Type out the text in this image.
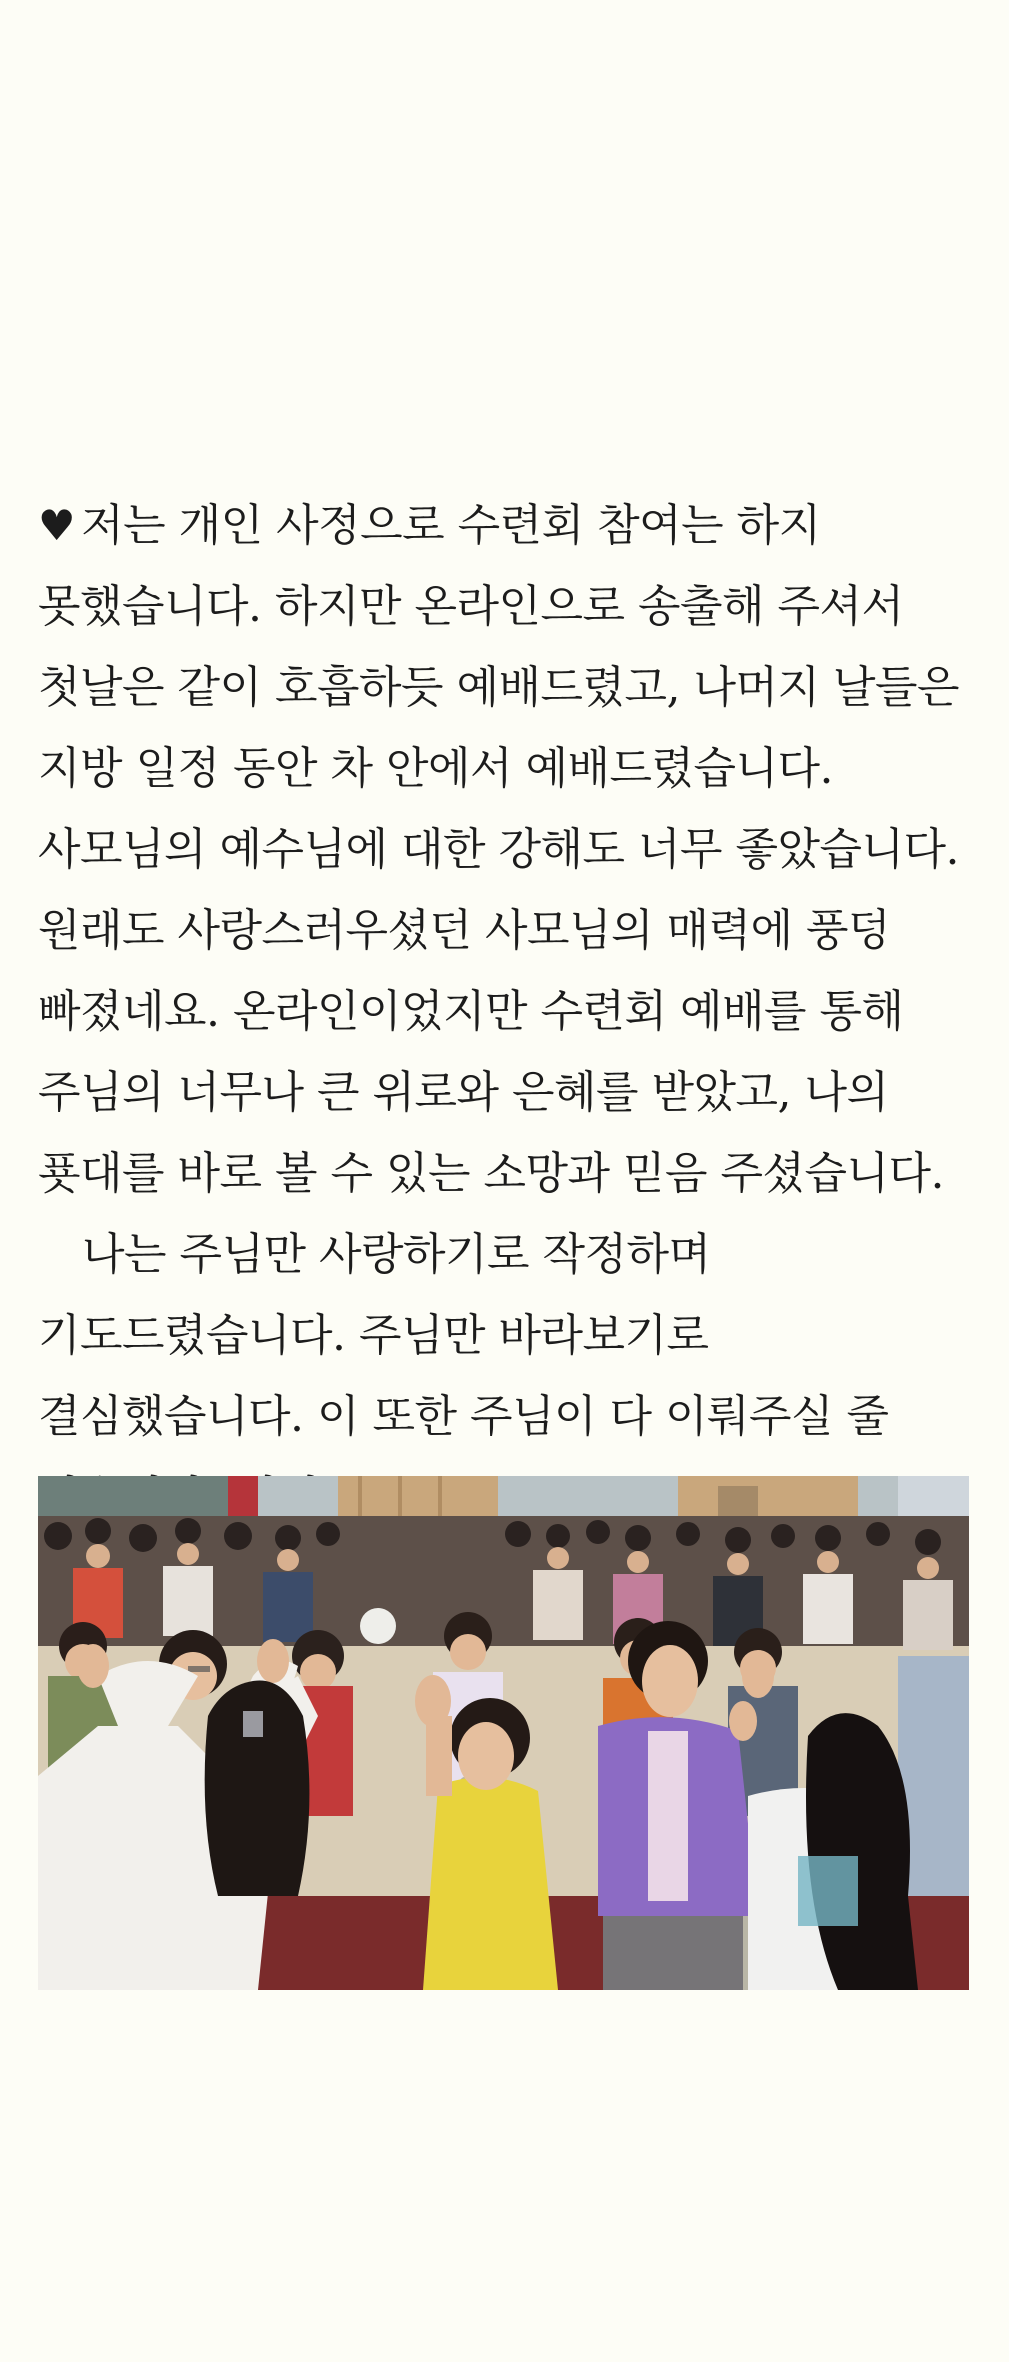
♥ 저는 개인 사정으로 수련회 참여는 하지 못했습니다. 하지만 온라인으로 송출해 주셔서 첫날은 같이 호흡하듯 예배드렸고, 나머지 날들은 지방 일정 동안 차 안에서 예배드렸습니다. 사모님의 예수님에 대한 강해도 너무 좋았습니다. 원래도 사랑스러우셨던 사모님의 매력에 풍덩 빠졌네요. 온라인이었지만 수련회 예배를 통해 주님의 너무나 큰 위로와 은혜를 받았고, 나의 푯대를 바로 볼 수 있는 소망과 믿음 주셨습니다.

나는 주님만 사랑하기로 작정하며 기도드렸습니다. 주님만 바라보기로 결심했습니다. 이 또한 주님이 다 이뤄주실 줄
